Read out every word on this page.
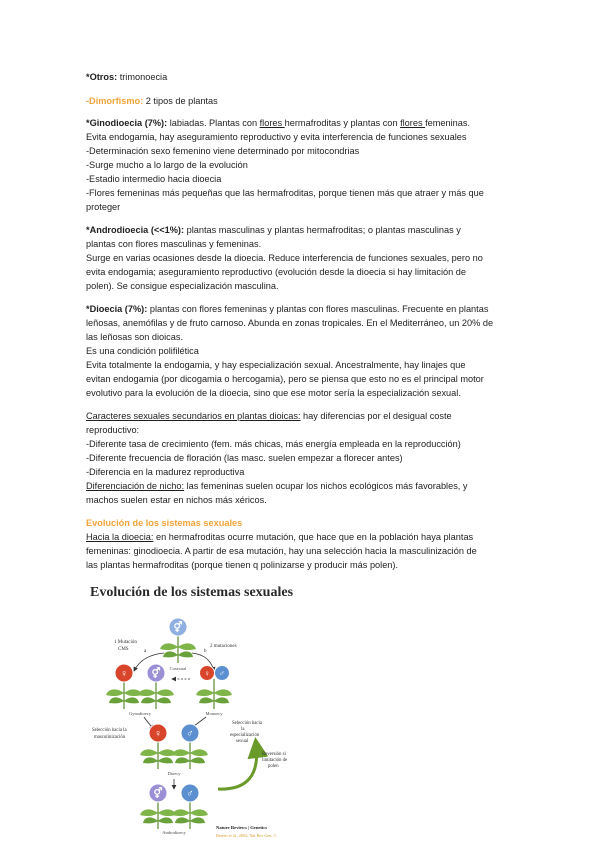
*Otros: trimonoecia
-Dimorfismo: 2 tipos de plantas
*Ginodioecia (7%): labiadas. Plantas con flores hermafroditas y plantas con flores femeninas.
Evita endogamia, hay aseguramiento reproductivo y evita interferencia de funciones sexuales
-Determinación sexo femenino viene determinado por mitocondrias
-Surge mucho a lo largo de la evolución
-Estadio intermedio hacia dioecia
-Flores femeninas más pequeñas que las hermafroditas, porque tienen más que atraer y más que
proteger
*Androdioecia (<<1%): plantas masculinas y plantas hermafroditas; o plantas masculinas y
plantas con flores masculinas y femeninas.
Surge en varias ocasiones desde la dioecia. Reduce interferencia de funciones sexuales, pero no
evita endogamia; aseguramiento reproductivo (evolución desde la dioecia si hay limitación de
polen). Se consigue especialización masculina.
*Dioecia (7%): plantas con flores femeninas y plantas con flores masculinas. Frecuente en plantas
leñosas, anemófilas y de fruto carnoso. Abunda en zonas tropicales. En el Mediterráneo, un 20% de
las leñosas son dioicas.
Es una condición polifilética
Evita totalmente la endogamia, y hay especialización sexual. Ancestralmente, hay linajes que
evitan endogamia (por dicogamia o hercogamia), pero se piensa que esto no es el principal motor
evolutivo para la evolución de la dioecia, sino que ese motor sería la especialización sexual.
Caracteres sexuales secundarios en plantas dioicas: hay diferencias por el desigual coste
reproductivo:
-Diferente tasa de crecimiento (fem. más chicas, más energía empleada en la reproducción)
-Diferente frecuencia de floración (las masc. suelen empezar a florecer antes)
-Diferencia en la madurez reproductiva
Diferenciación de nicho: las femeninas suelen ocupar los nichos ecológicos más favorables, y
machos suelen estar en nichos más xéricos.
Evolución de los sistemas sexuales
Hacia la dioecia: en hermafroditas ocurre mutación, que hace que en la población haya plantas
femeninas: ginodioecia. A partir de esa mutación, hay una selección hacia la masculinización de
las plantas hermafroditas (porque tienen q polinizarse y producir más polen).
Evolución de los sistemas sexuales
⚥
Cosexual
1 Mutación
CMS
2 mutaciones
a	b
♀ ⚥
Gynodioecy
♀ ♂
Monoecy
Selección hacia la
masculinización
Selección hacia
la
especialización
sexual
♀ ♂
Dioecy
Reversión si
limitación de
polen
⚥ ♂
Androdioecy
Nature Reviews | Genetics
Barrett et al., 2002; Nat Rev Gen, 3
